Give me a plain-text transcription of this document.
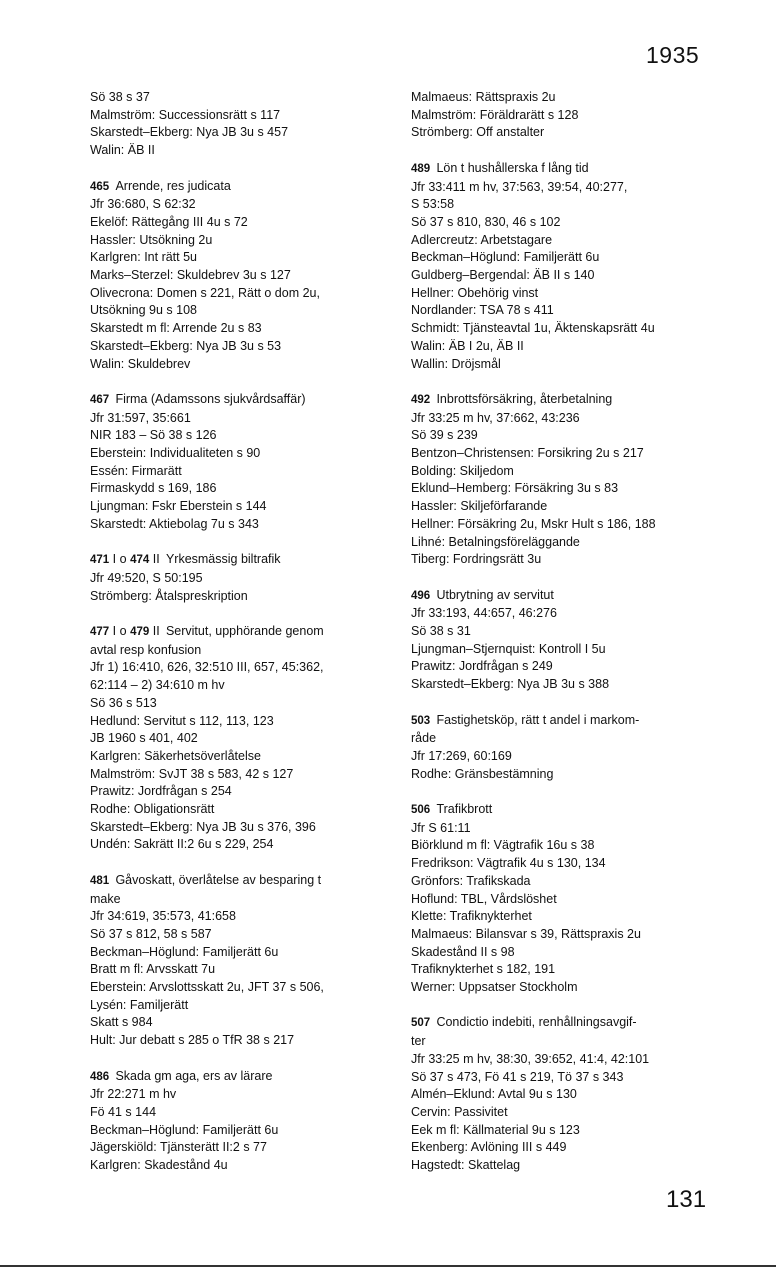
1935
Sö 38 s 37
Malmström: Successionsrätt s 117
Skarstedt–Ekberg: Nya JB 3u s 457
Walin: ÄB II
465  Arrende, res judicata
Jfr 36:680, S 62:32
Ekelöf: Rättegång III 4u s 72
Hassler: Utsökning 2u
Karlgren: Int rätt 5u
Marks–Sterzel: Skuldebrev 3u s 127
Olivecrona: Domen s 221, Rätt o dom 2u,
Utsökning 9u s 108
Skarstedt m fl: Arrende 2u s 83
Skarstedt–Ekberg: Nya JB 3u s 53
Walin: Skuldebrev
467  Firma (Adamssons sjukvårdsaffär)
Jfr 31:597, 35:661
NIR 183 – Sö 38 s 126
Eberstein: Individualiteten s 90
Essén: Firmarätt
Firmaskydd s 169, 186
Ljungman: Fskr Eberstein s 144
Skarstedt: Aktiebolag 7u s 343
471 I o 474 II  Yrkesmässig biltrafik
Jfr 49:520, S 50:195
Strömberg: Åtalspreskription
477 I o 479 II  Servitut, upphörande genom
avtal resp konfusion
Jfr 1) 16:410, 626, 32:510 III, 657, 45:362,
62:114 – 2) 34:610 m hv
Sö 36 s 513
Hedlund: Servitut s 112, 113, 123
JB 1960 s 401, 402
Karlgren: Säkerhetsöverlåtelse
Malmström: SvJT 38 s 583, 42 s 127
Prawitz: Jordfrågan s 254
Rodhe: Obligationsrätt
Skarstedt–Ekberg: Nya JB 3u s 376, 396
Undén: Sakrätt II:2 6u s 229, 254
481  Gåvoskatt, överlåtelse av besparing t
make
Jfr 34:619, 35:573, 41:658
Sö 37 s 812, 58 s 587
Beckman–Höglund: Familjerätt 6u
Bratt m fl: Arvsskatt 7u
Eberstein: Arvslottsskatt 2u, JFT 37 s 506,
Lysén: Familjerätt
Skatt s 984
Hult: Jur debatt s 285 o TfR 38 s 217
486  Skada gm aga, ers av lärare
Jfr 22:271 m hv
Fö 41 s 144
Beckman–Höglund: Familjerätt 6u
Jägerskiöld: Tjänsterätt II:2 s 77
Karlgren: Skadestånd 4u
Malmaeus: Rättspraxis 2u
Malmström: Föräldrarätt s 128
Strömberg: Off anstalter
489  Lön t hushållerska f lång tid
Jfr 33:411 m hv, 37:563, 39:54, 40:277,
S 53:58
Sö 37 s 810, 830, 46 s 102
Adlercreutz: Arbetstagare
Beckman–Höglund: Familjerätt 6u
Guldberg–Bergendal: ÄB II s 140
Hellner: Obehörig vinst
Nordlander: TSA 78 s 411
Schmidt: Tjänsteavtal 1u, Äktenskapsrätt 4u
Walin: ÄB I 2u, ÄB II
Wallin: Dröjsmål
492  Inbrottsförsäkring, återbetalning
Jfr 33:25 m hv, 37:662, 43:236
Sö 39 s 239
Bentzon–Christensen: Forsikring 2u s 217
Bolding: Skiljedom
Eklund–Hemberg: Försäkring 3u s 83
Hassler: Skiljeförfarande
Hellner: Försäkring 2u, Mskr Hult s 186, 188
Lihné: Betalningsföreläggande
Tiberg: Fordringsrätt 3u
496  Utbrytning av servitut
Jfr 33:193, 44:657, 46:276
Sö 38 s 31
Ljungman–Stjernquist: Kontroll I 5u
Prawitz: Jordfrågan s 249
Skarstedt–Ekberg: Nya JB 3u s 388
503  Fastighetsköp, rätt t andel i markom-
råde
Jfr 17:269, 60:169
Rodhe: Gränsbestämning
506  Trafikbrott
Jfr S 61:11
Biörklund m fl: Vägtrafik 16u s 38
Fredrikson: Vägtrafik 4u s 130, 134
Grönfors: Trafikskada
Hoflund: TBL, Vårdslöshet
Klette: Trafiknykterhet
Malmaeus: Bilansvar s 39, Rättspraxis 2u
Skadestånd II s 98
Trafiknykterhet s 182, 191
Werner: Uppsatser Stockholm
507  Condictio indebiti, renhållningsavgif-
ter
Jfr 33:25 m hv, 38:30, 39:652, 41:4, 42:101
Sö 37 s 473, Fö 41 s 219, Tö 37 s 343
Almén–Eklund: Avtal 9u s 130
Cervin: Passivitet
Eek m fl: Källmaterial 9u s 123
Ekenberg: Avlöning III s 449
Hagstedt: Skattelag
131
